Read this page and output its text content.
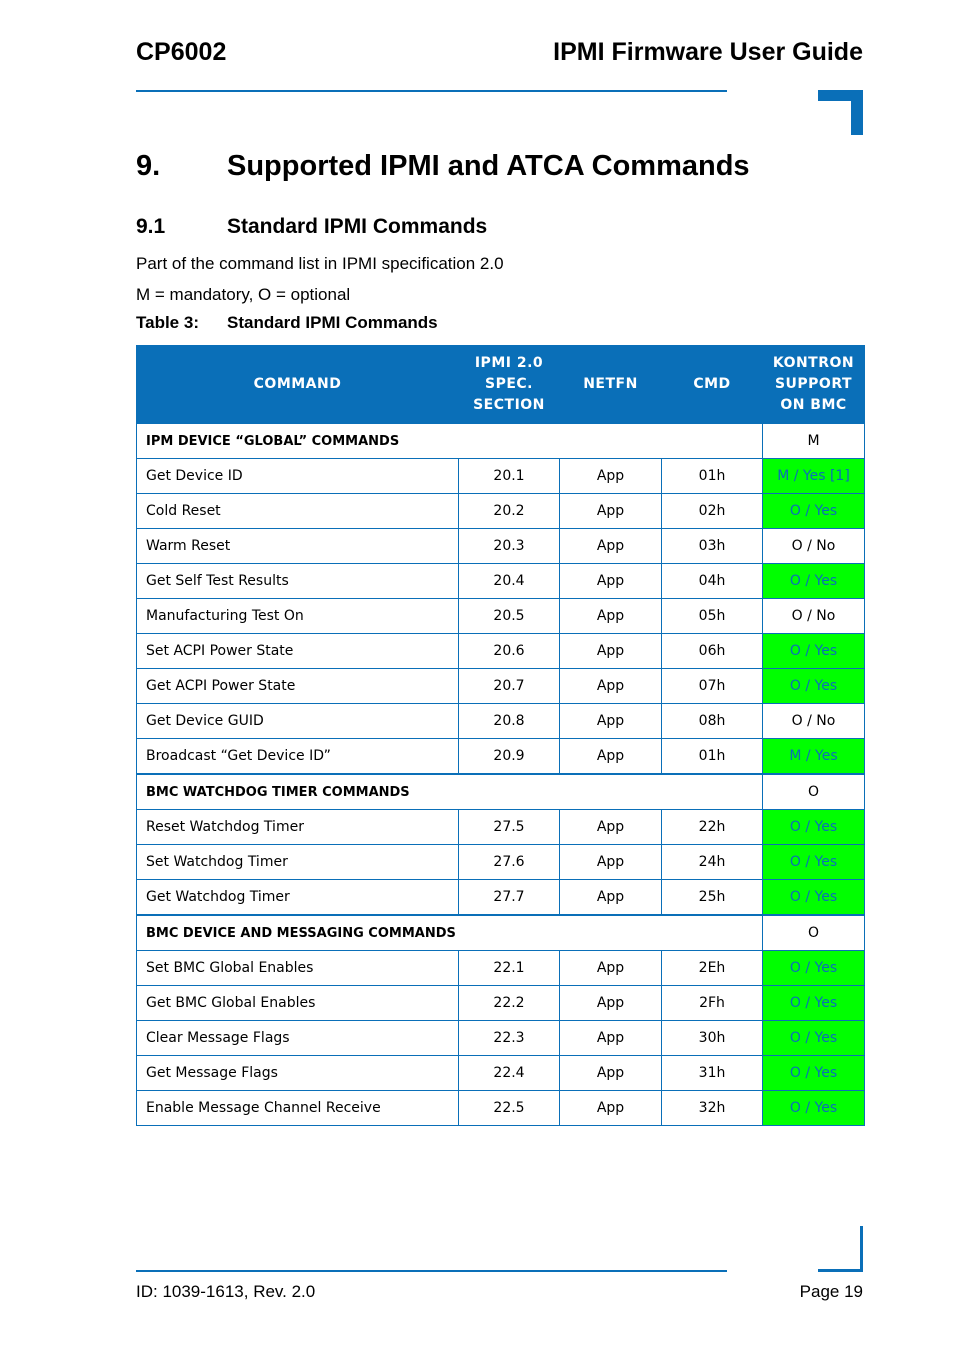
CP6002	IPMI Firmware User Guide
9. Supported IPMI and ATCA Commands
9.1	Standard IPMI Commands
Part of the command list in IPMI specification 2.0
M = mandatory, O = optional
Table 3: Standard IPMI Commands
COMMAND	IPMI 2.0 SPEC. SECTION	NETFN	CMD	KONTRON SUPPORT ON BMC
IPM DEVICE “GLOBAL” COMMANDS				M
Get Device ID	20.1	App	01h	M / Yes [1]
Cold Reset	20.2	App	02h	O / Yes
Warm Reset	20.3	App	03h	O / No
Get Self Test Results	20.4	App	04h	O / Yes
Manufacturing Test On	20.5	App	05h	O / No
Set ACPI Power State	20.6	App	06h	O / Yes
Get ACPI Power State	20.7	App	07h	O / Yes
Get Device GUID	20.8	App	08h	O / No
Broadcast “Get Device ID”	20.9	App	01h	M / Yes
BMC WATCHDOG TIMER COMMANDS				O
Reset Watchdog Timer	27.5	App	22h	O / Yes
Set Watchdog Timer	27.6	App	24h	O / Yes
Get Watchdog Timer	27.7	App	25h	O / Yes
BMC DEVICE AND MESSAGING COMMANDS				O
Set BMC Global Enables	22.1	App	2Eh	O / Yes
Get BMC Global Enables	22.2	App	2Fh	O / Yes
Clear Message Flags	22.3	App	30h	O / Yes
Get Message Flags	22.4	App	31h	O / Yes
Enable Message Channel Receive	22.5	App	32h	O / Yes
ID: 1039-1613, Rev. 2.0	Page 19
